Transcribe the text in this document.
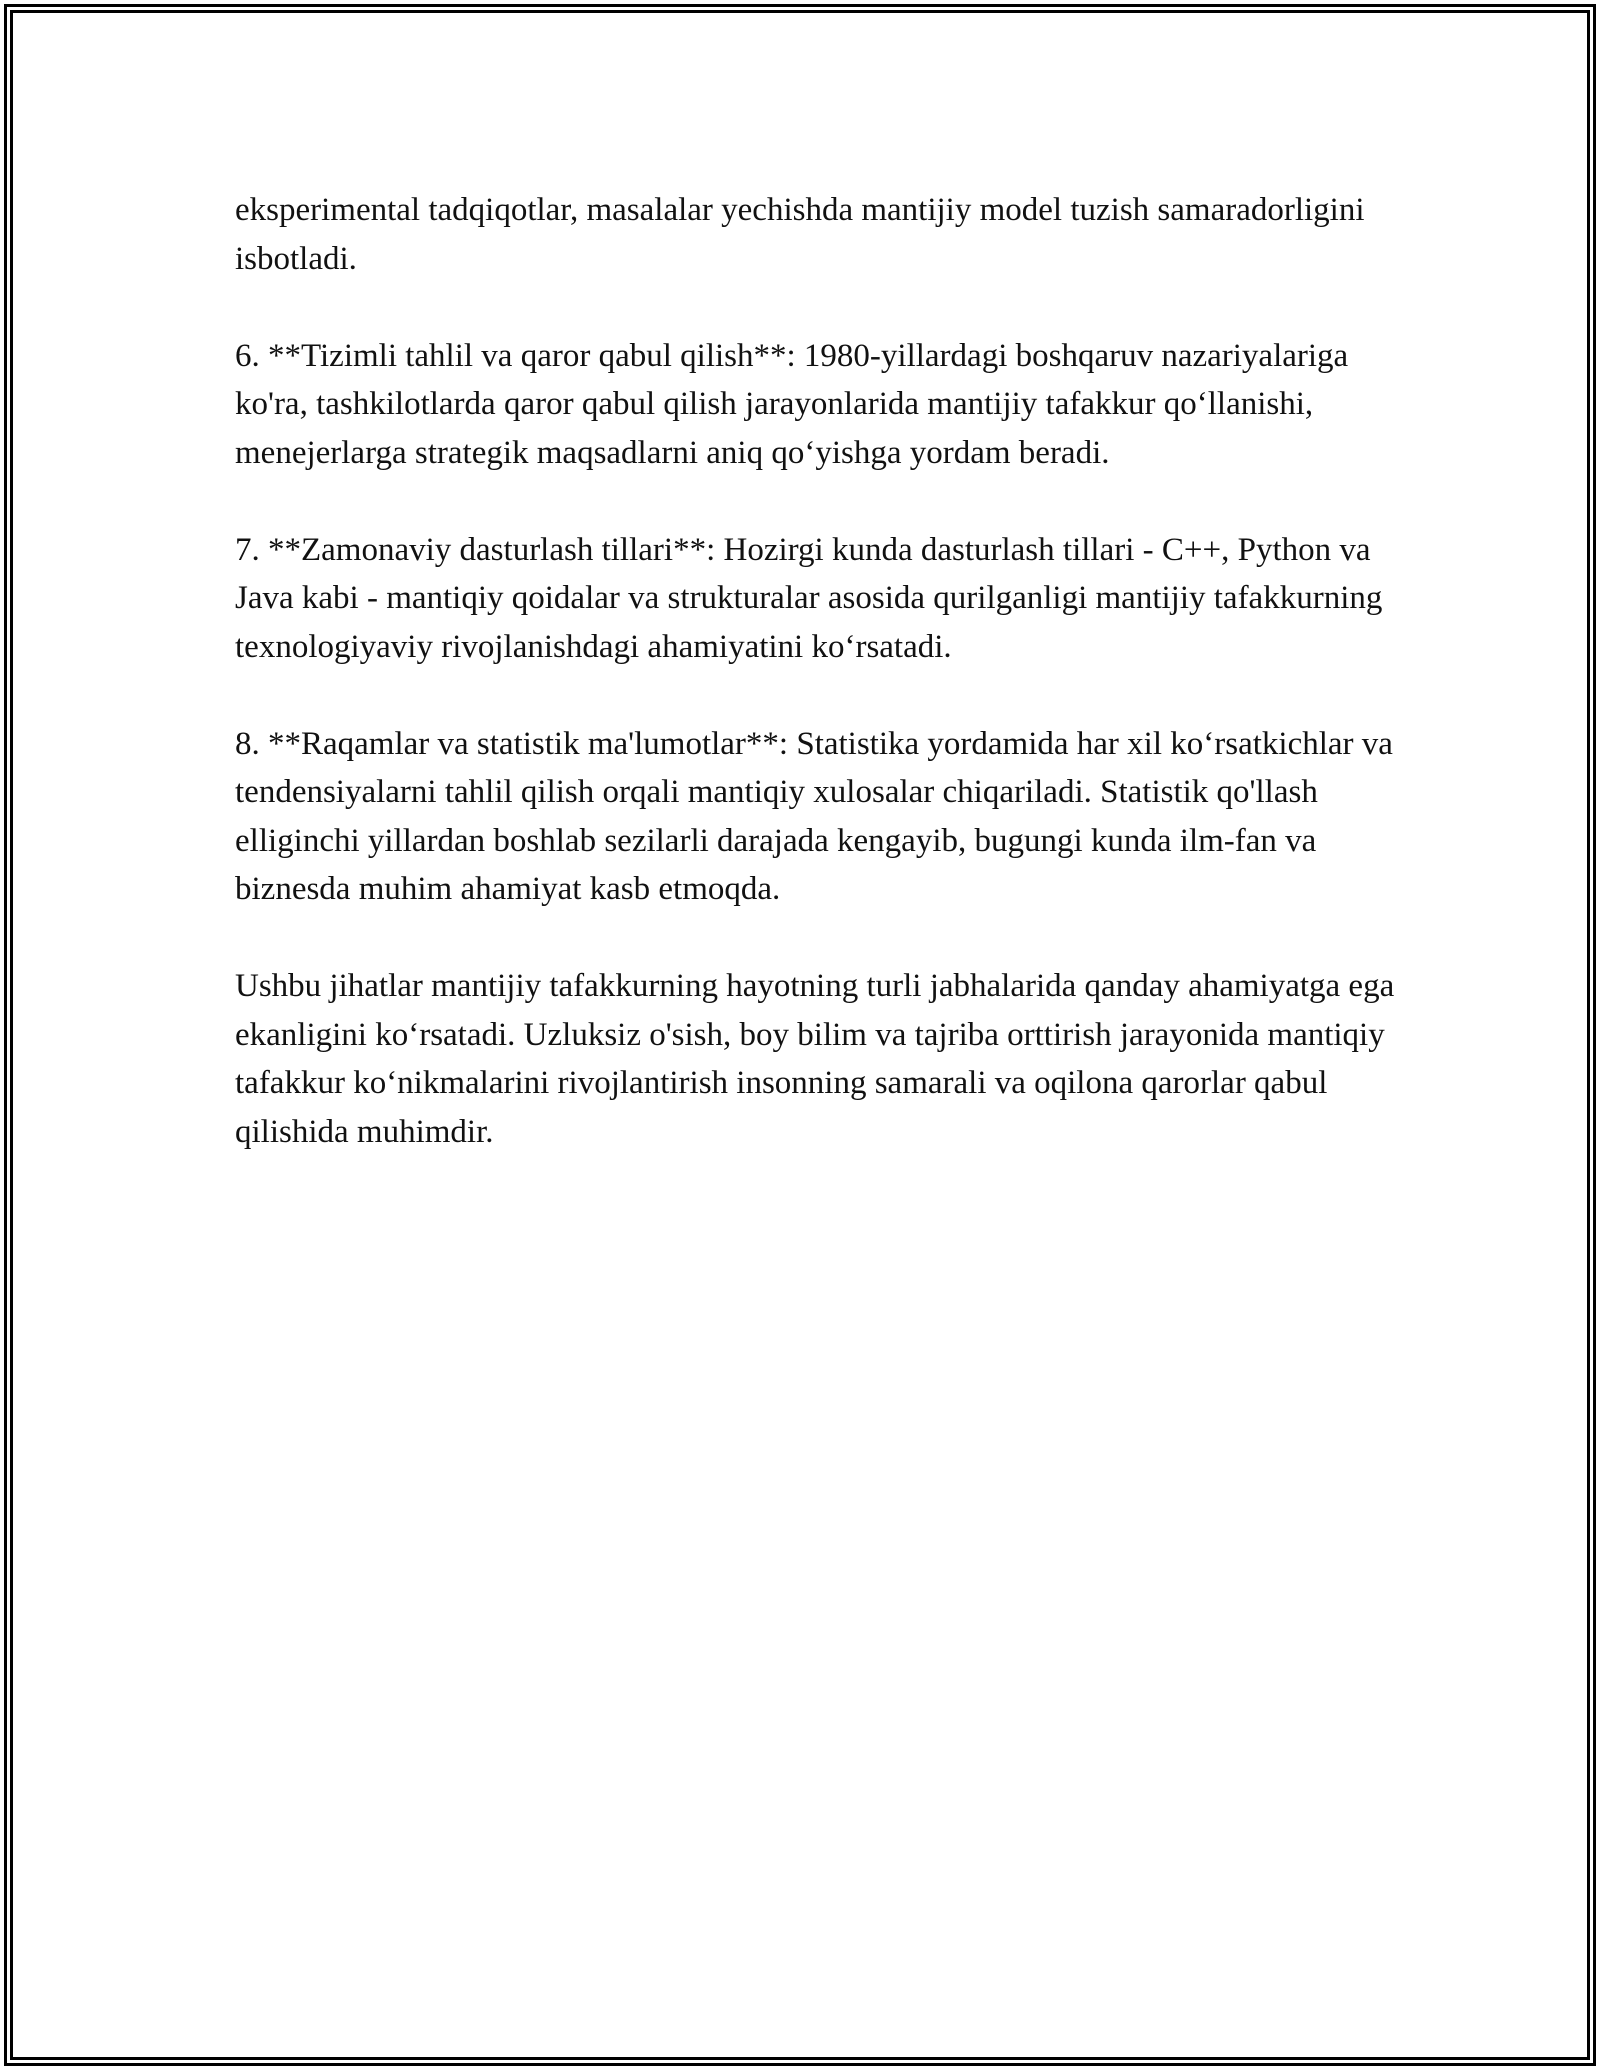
eksperimental tadqiqotlar, masalalar yechishda mantijiy model tuzish samaradorligini isbotladi.

6. **Tizimli tahlil va qaror qabul qilish**: 1980-yillardagi boshqaruv nazariyalariga ko'ra, tashkilotlarda qaror qabul qilish jarayonlarida mantijiy tafakkur qo‘llanishi, menejerlarga strategik maqsadlarni aniq qo‘yishga yordam beradi.

7. **Zamonaviy dasturlash tillari**: Hozirgi kunda dasturlash tillari - C++, Python va Java kabi - mantiqiy qoidalar va strukturalar asosida qurilganligi mantijiy tafakkurning texnologiyaviy rivojlanishdagi ahamiyatini ko‘rsatadi.

8. **Raqamlar va statistik ma'lumotlar**: Statistika yordamida har xil ko‘rsatkichlar va tendensiyalarni tahlil qilish orqali mantiqiy xulosalar chiqariladi. Statistik qo'llash elliginchi yillardan boshlab sezilarli darajada kengayib, bugungi kunda ilm-fan va biznesda muhim ahamiyat kasb etmoqda.

Ushbu jihatlar mantijiy tafakkurning hayotning turli jabhalarida qanday ahamiyatga ega ekanligini ko‘rsatadi. Uzluksiz o'sish, boy bilim va tajriba orttirish jarayonida mantiqiy tafakkur ko‘nikmalarini rivojlantirish insonning samarali va oqilona qarorlar qabul qilishida muhimdir.
